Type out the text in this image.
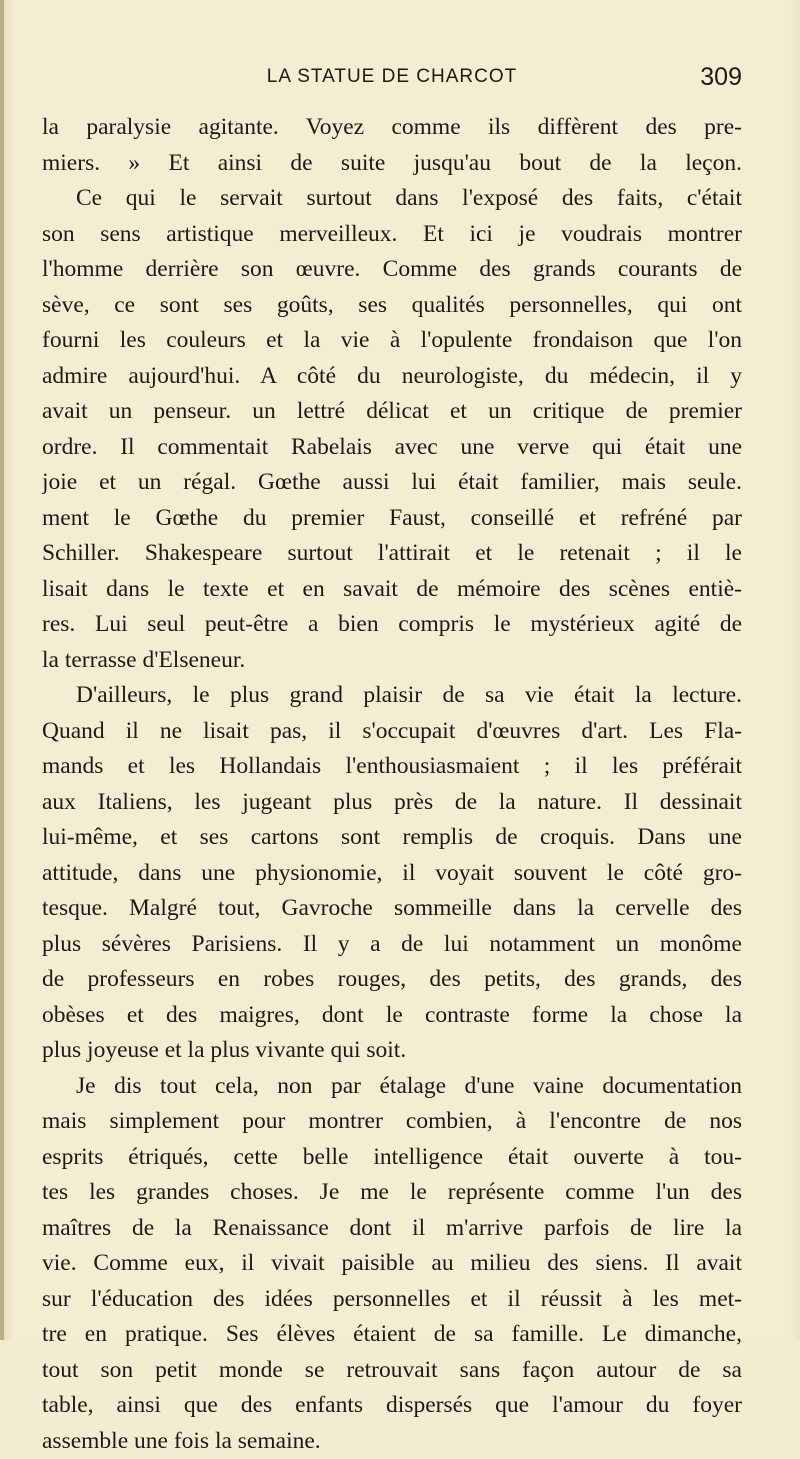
LA STATUE DE CHARCOT	309
la paralysie agitante. Voyez comme ils diffèrent des pre-
miers. » Et ainsi de suite jusqu'au bout de la leçon.
Ce qui le servait surtout dans l'exposé des faits, c'était
son sens artistique merveilleux. Et ici je voudrais montrer
l'homme derrière son œuvre. Comme des grands courants de
sève, ce sont ses goûts, ses qualités personnelles, qui ont
fourni les couleurs et la vie à l'opulente frondaison que l'on
admire aujourd'hui. A côté du neurologiste, du médecin, il y
avait un penseur. un lettré délicat et un critique de premier
ordre. Il commentait Rabelais avec une verve qui était une
joie et un régal. Gœthe aussi lui était familier, mais seule.
ment le Gœthe du premier Faust, conseillé et refréné par
Schiller. Shakespeare surtout l'attirait et le retenait ; il le
lisait dans le texte et en savait de mémoire des scènes entiè-
res. Lui seul peut-être a bien compris le mystérieux agité de
la terrasse d'Elseneur.
D'ailleurs, le plus grand plaisir de sa vie était la lecture.
Quand il ne lisait pas, il s'occupait d'œuvres d'art. Les Fla-
mands et les Hollandais l'enthousiasmaient ; il les préférait
aux Italiens, les jugeant plus près de la nature. Il dessinait
lui-même, et ses cartons sont remplis de croquis. Dans une
attitude, dans une physionomie, il voyait souvent le côté gro-
tesque. Malgré tout, Gavroche sommeille dans la cervelle des
plus sévères Parisiens. Il y a de lui notamment un monôme
de professeurs en robes rouges, des petits, des grands, des
obèses et des maigres, dont le contraste forme la chose la
plus joyeuse et la plus vivante qui soit.
Je dis tout cela, non par étalage d'une vaine documentation
mais simplement pour montrer combien, à l'encontre de nos
esprits étriqués, cette belle intelligence était ouverte à tou-
tes les grandes choses. Je me le représente comme l'un des
maîtres de la Renaissance dont il m'arrive parfois de lire la
vie. Comme eux, il vivait paisible au milieu des siens. Il avait
sur l'éducation des idées personnelles et il réussit à les met-
tre en pratique. Ses élèves étaient de sa famille. Le dimanche,
tout son petit monde se retrouvait sans façon autour de sa
table, ainsi que des enfants dispersés que l'amour du foyer
assemble une fois la semaine.
